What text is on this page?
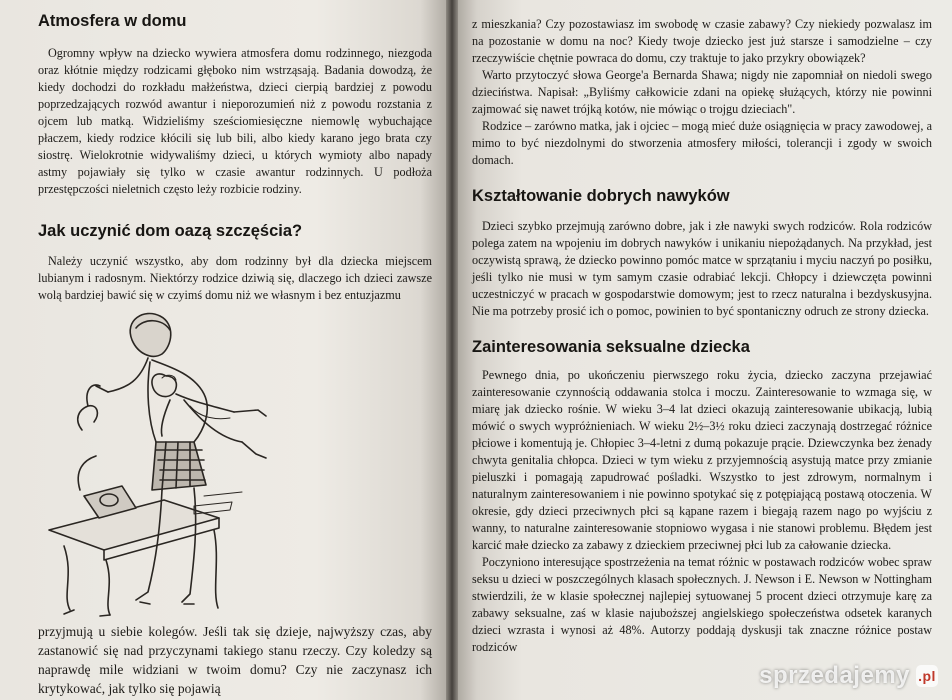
Atmosfera w domu

Ogromny wpływ na dziecko wywiera atmosfera domu rodzinnego, niezgoda oraz kłótnie między rodzicami głęboko nim wstrząsają. Badania dowodzą, że kiedy dochodzi do rozkładu małżeństwa, dzieci cierpią bardziej z powodu poprzedzających rozwód awantur i nieporozumień niż z powodu rozstania z ojcem lub matką. Widzieliśmy sześciomiesięczne niemowlę wybuchające płaczem, kiedy rodzice kłócili się lub bili, albo kiedy karano jego brata czy siostrę. Wielokrotnie widywaliśmy dzieci, u których wymioty albo napady astmy pojawiały się tylko w czasie awantur rodzinnych. U podłoża przestępczości nieletnich często leży rozbicie rodziny.

Jak uczynić dom oazą szczęścia?

Należy uczynić wszystko, aby dom rodzinny był dla dziecka miejscem lubianym i radosnym. Niektórzy rodzice dziwią się, dlaczego ich dzieci zawsze wolą bardziej bawić się w czyimś domu niż we własnym i bez entuzjazmu

przyjmują u siebie kolegów. Jeśli tak się dzieje, najwyższy czas, aby zastanowić się nad przyczynami takiego stanu rzeczy. Czy koledzy są naprawdę mile widziani w twoim domu? Czy nie zaczynasz ich krytykować, jak tylko się pojawią

z mieszkania? Czy pozostawiasz im swobodę w czasie zabawy? Czy niekiedy pozwalasz im na pozostanie w domu na noc? Kiedy twoje dziecko jest już starsze i samodzielne – czy rzeczywiście chętnie powraca do domu, czy traktuje to jako przykry obowiązek?

Warto przytoczyć słowa George'a Bernarda Shawa; nigdy nie zapomniał on niedoli swego dzieciństwa. Napisał: „Byliśmy całkowicie zdani na opiekę służących, którzy nie powinni zajmować się nawet trójką kotów, nie mówiąc o trojgu dzieciach".

Rodzice – zarówno matka, jak i ojciec – mogą mieć duże osiągnięcia w pracy zawodowej, a mimo to być niezdolnymi do stworzenia atmosfery miłości, tolerancji i zgody w swoich domach.

Kształtowanie dobrych nawyków

Dzieci szybko przejmują zarówno dobre, jak i złe nawyki swych rodziców. Rola rodziców polega zatem na wpojeniu im dobrych nawyków i unikaniu niepożądanych. Na przykład, jest oczywistą sprawą, że dziecko powinno pomóc matce w sprzątaniu i myciu naczyń po posiłku, jeśli tylko nie musi w tym samym czasie odrabiać lekcji. Chłopcy i dziewczęta powinni uczestniczyć w pracach w gospodarstwie domowym; jest to rzecz naturalna i bezdyskusyjna. Nie ma potrzeby prosić ich o pomoc, powinien to być spontaniczny odruch ze strony dziecka.

Zainteresowania seksualne dziecka

Pewnego dnia, po ukończeniu pierwszego roku życia, dziecko zaczyna przejawiać zainteresowanie czynnością oddawania stolca i moczu. Zainteresowanie to wzmaga się, w miarę jak dziecko rośnie. W wieku 3–4 lat dzieci okazują zainteresowanie ubikacją, lubią mówić o swych wypróżnieniach. W wieku 2½–3½ roku dzieci zaczynają dostrzegać różnice płciowe i komentują je. Chłopiec 3–4-letni z dumą pokazuje prącie. Dziewczynka bez żenady chwyta genitalia chłopca. Dzieci w tym wieku z przyjemnością asystują matce przy zmianie pieluszki i pomagają zapudrować pośladki. Wszystko to jest zdrowym, normalnym i naturalnym zainteresowaniem i nie powinno spotykać się z potępiającą postawą otoczenia. W okresie, gdy dzieci przeciwnych płci są kąpane razem i biegają razem nago po wyjściu z wanny, to naturalne zainteresowanie stopniowo wygasa i nie stanowi problemu. Błędem jest karcić małe dziecko za zabawy z dzieckiem przeciwnej płci lub za całowanie dziecka.

Poczyniono interesujące spostrzeżenia na temat różnic w postawach rodziców wobec spraw seksu u dzieci w poszczególnych klasach społecznych. J. Newson i E. Newson w Nottingham stwierdzili, że w klasie społecznej najlepiej sytuowanej 5 procent dzieci otrzymuje karę za zabawy seksualne, zaś w klasie najuboższej angielskiego społeczeństwa odsetek karanych dzieci wzrasta i wynosi aż 48%. Autorzy poddają dyskusji tak znaczne różnice postaw rodziców

sprzedajemy .pl
